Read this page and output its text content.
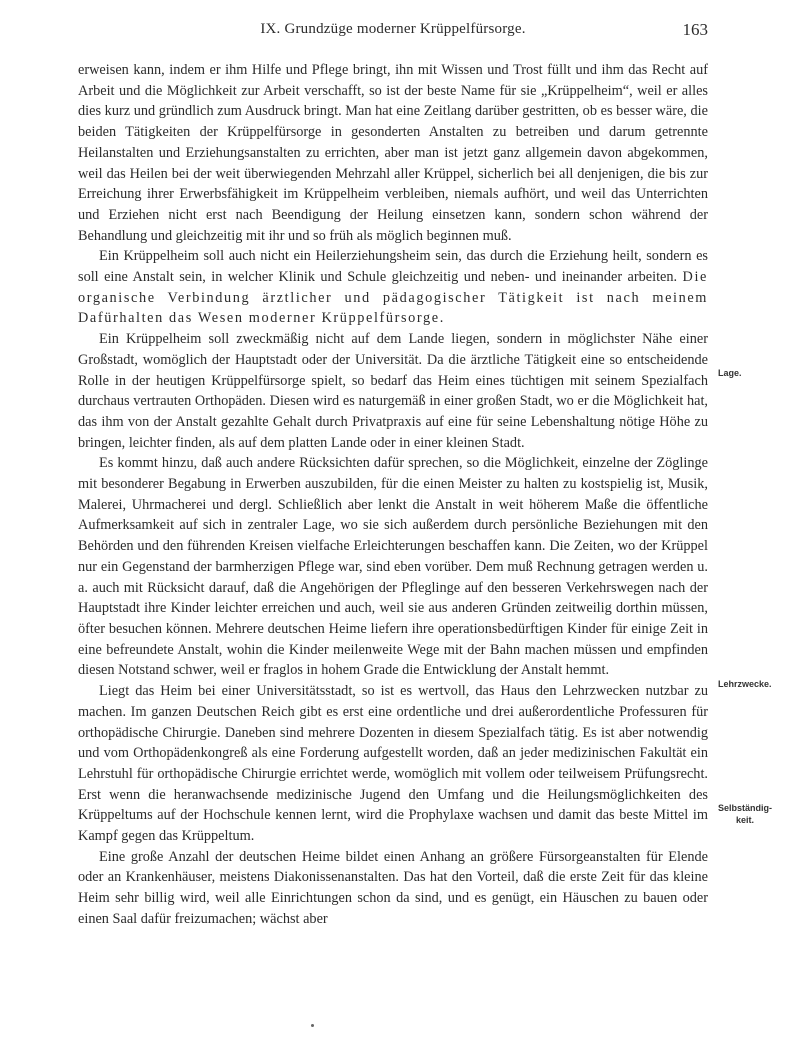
IX. Grundzüge moderner Krüppelfürsorge.	163

erweisen kann, indem er ihm Hilfe und Pflege bringt, ihn mit Wissen und Trost füllt und ihm das Recht auf Arbeit und die Möglichkeit zur Arbeit verschafft, so ist der beste Name für sie „Krüppelheim“, weil er alles dies kurz und gründlich zum Ausdruck bringt. Man hat eine Zeitlang darüber gestritten, ob es besser wäre, die beiden Tätigkeiten der Krüppelfürsorge in gesonderten Anstalten zu betreiben und darum getrennte Heilanstalten und Erziehungsanstalten zu errichten, aber man ist jetzt ganz allgemein davon abgekommen, weil das Heilen bei der weit überwiegenden Mehrzahl aller Krüppel, sicherlich bei all denjenigen, die bis zur Erreichung ihrer Erwerbsfähigkeit im Krüppelheim verbleiben, niemals aufhört, und weil das Unterrichten und Erziehen nicht erst nach Beendigung der Heilung einsetzen kann, sondern schon während der Behandlung und gleichzeitig mit ihr und so früh als möglich beginnen muß.

Ein Krüppelheim soll auch nicht ein Heilerziehungsheim sein, das durch die Erziehung heilt, sondern es soll eine Anstalt sein, in welcher Klinik und Schule gleichzeitig und neben- und ineinander arbeiten. Die organische Verbindung ärztlicher und pädagogischer Tätigkeit ist nach meinem Dafürhalten das Wesen moderner Krüppelfürsorge.

Ein Krüppelheim soll zweckmäßig nicht auf dem Lande liegen, sondern in möglichster Nähe einer Großstadt, womöglich der Hauptstadt oder der Universität. Da die ärztliche Tätigkeit eine so entscheidende Rolle in der heutigen Krüppelfürsorge spielt, so bedarf das Heim eines tüchtigen mit seinem Spezialfach durchaus vertrauten Orthopäden. Diesen wird es naturgemäß in einer großen Stadt, wo er die Möglichkeit hat, das ihm von der Anstalt gezahlte Gehalt durch Privatpraxis auf eine für seine Lebenshaltung nötige Höhe zu bringen, leichter finden, als auf dem platten Lande oder in einer kleinen Stadt.

Es kommt hinzu, daß auch andere Rücksichten dafür sprechen, so die Möglichkeit, einzelne der Zöglinge mit besonderer Begabung in Erwerben auszubilden, für die einen Meister zu halten zu kostspielig ist, Musik, Malerei, Uhrmacherei und dergl. Schließlich aber lenkt die Anstalt in weit höherem Maße die öffentliche Aufmerksamkeit auf sich in zentraler Lage, wo sie sich außerdem durch persönliche Beziehungen mit den Behörden und den führenden Kreisen vielfache Erleichterungen beschaffen kann. Die Zeiten, wo der Krüppel nur ein Gegenstand der barmherzigen Pflege war, sind eben vorüber. Dem muß Rechnung getragen werden u. a. auch mit Rücksicht darauf, daß die Angehörigen der Pfleglinge auf den besseren Verkehrswegen nach der Hauptstadt ihre Kinder leichter erreichen und auch, weil sie aus anderen Gründen zeitweilig dorthin müssen, öfter besuchen können. Mehrere deutschen Heime liefern ihre operationsbedürftigen Kinder für einige Zeit in eine befreundete Anstalt, wohin die Kinder meilenweite Wege mit der Bahn machen müssen und empfinden diesen Notstand schwer, weil er fraglos in hohem Grade die Entwicklung der Anstalt hemmt.

Liegt das Heim bei einer Universitätsstadt, so ist es wertvoll, das Haus den Lehrzwecken nutzbar zu machen. Im ganzen Deutschen Reich gibt es erst eine ordentliche und drei außerordentliche Professuren für orthopädische Chirurgie. Daneben sind mehrere Dozenten in diesem Spezialfach tätig. Es ist aber notwendig und vom Orthopädenkongreß als eine Forderung aufgestellt worden, daß an jeder medizinischen Fakultät ein Lehrstuhl für orthopädische Chirurgie errichtet werde, womöglich mit vollem oder teilweisem Prüfungsrecht. Erst wenn die heranwachsende medizinische Jugend den Umfang und die Heilungsmöglichkeiten des Krüppeltums auf der Hochschule kennen lernt, wird die Prophylaxe wachsen und damit das beste Mittel im Kampf gegen das Krüppeltum.

Eine große Anzahl der deutschen Heime bildet einen Anhang an größere Fürsorgeanstalten für Elende oder an Krankenhäuser, meistens Diakonissenanstalten. Das hat den Vorteil, daß die erste Zeit für das kleine Heim sehr billig wird, weil alle Einrichtungen schon da sind, und es genügt, ein Häuschen zu bauen oder einen Saal dafür freizumachen; wächst aber

Lage.
Lehrzwecke.
Selbständig-
keit.
